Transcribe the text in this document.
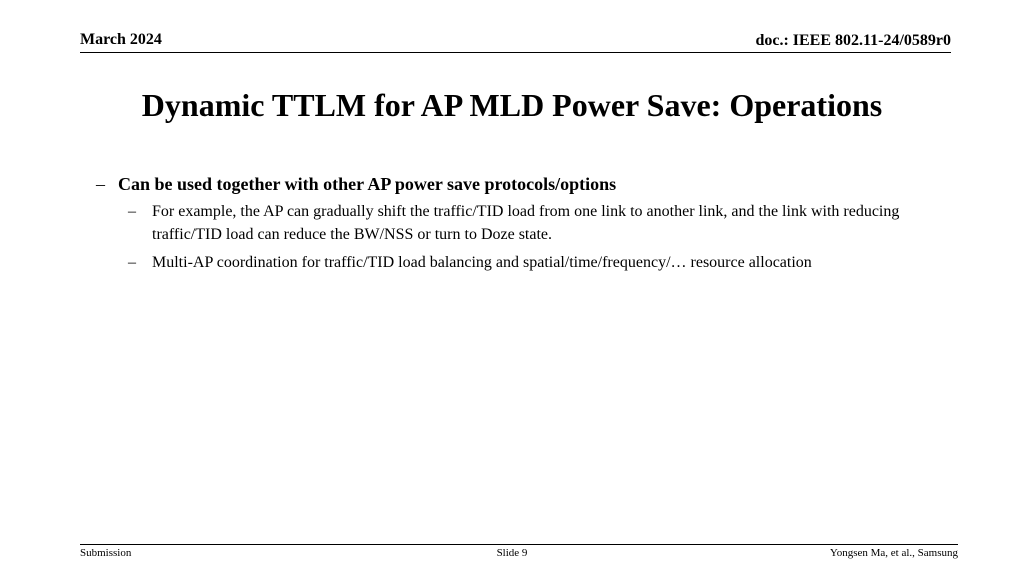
March 2024	doc.: IEEE 802.11-24/0589r0
Dynamic TTLM for AP MLD Power Save: Operations
– Can be used together with other AP power save protocols/options
–	For example, the AP can gradually shift the traffic/TID load from one link to another link, and the link with reducing traffic/TID load can reduce the BW/NSS or turn to Doze state.
–	Multi-AP coordination for traffic/TID load balancing and spatial/time/frequency/… resource allocation
Submission	Slide 9	Yongsen Ma, et al., Samsung
